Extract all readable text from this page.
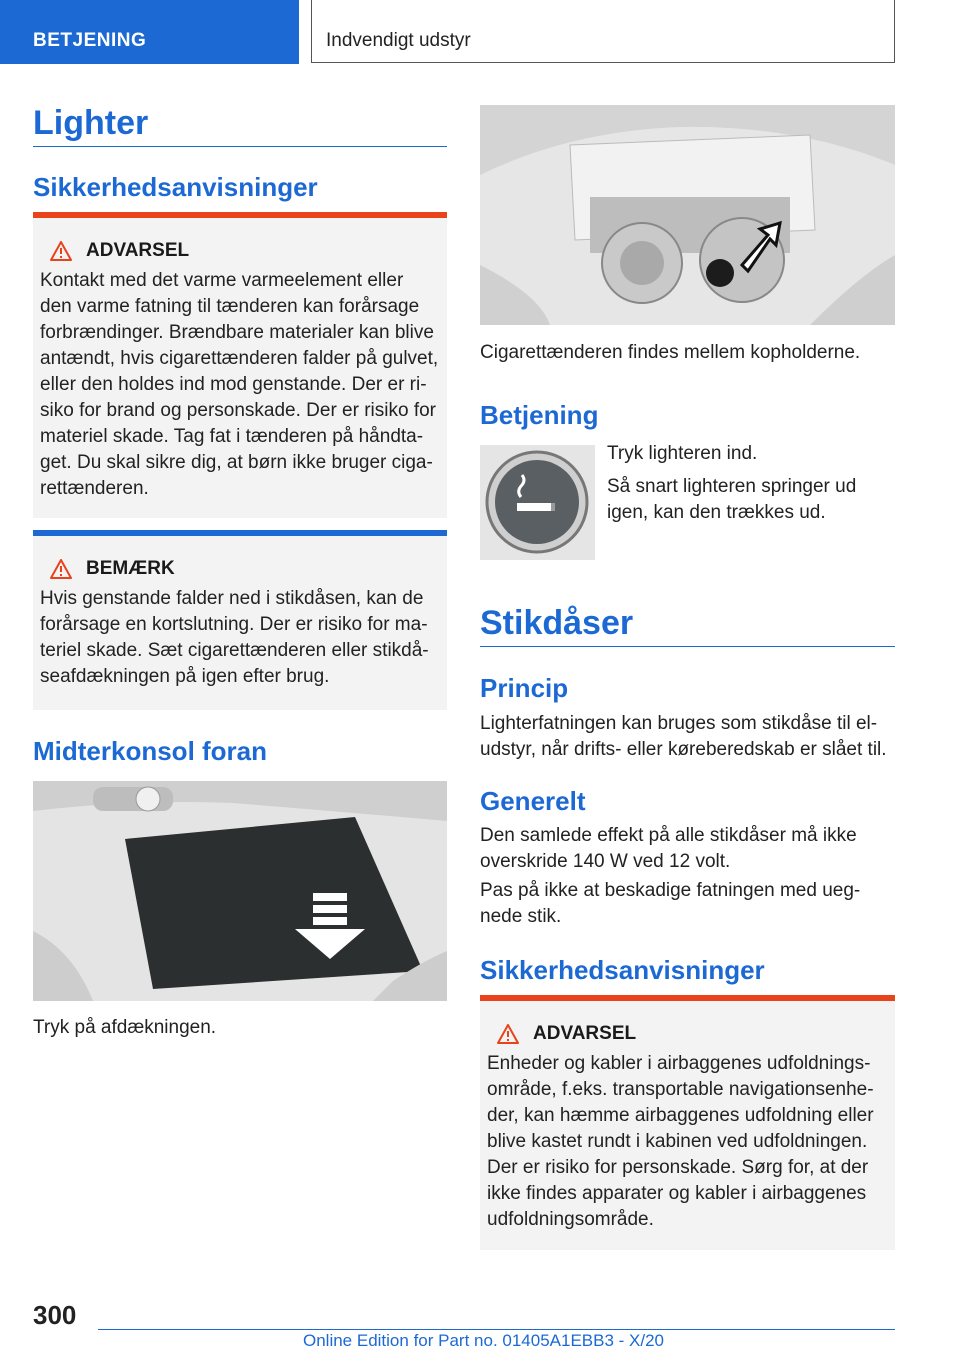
BETJENING	Indvendigt udstyr
Lighter
Sikkerhedsanvisninger
ADVARSEL

Kontakt med det varme varmeelement eller den varme fatning til tænderen kan forårsage forbrændinger. Brændbare materialer kan blive antændt, hvis cigarettænderen falder på gulvet, eller den holdes ind mod genstande. Der er ri-siko for brand og personskade. Der er risiko for materiel skade. Tag fat i tænderen på håndta-get. Du skal sikre dig, at børn ikke bruger ciga-rettænderen.

BEMÆRK

Hvis genstande falder ned i stikdåsen, kan de forårsage en kortslutning. Der er risiko for ma-teriel skade. Sæt cigarettænderen eller stikdå-seafdækningen på igen efter brug.

Midterkonsol foran

Tryk på afdækningen.

Cigarettænderen findes mellem kopholderne.

Betjening

Tryk lighteren ind.

Så snart lighteren springer ud igen, kan den trækkes ud.

Stikdåser
Princip

Lighterfatningen kan bruges som stikdåse til el-udstyr, når drifts- eller køreberedskab er slået til.

Generelt

Den samlede effekt på alle stikdåser må ikke overskride 140 W ved 12 volt.

Pas på ikke at beskadige fatningen med ueg-nede stik.

Sikkerhedsanvisninger
ADVARSEL

Enheder og kabler i airbaggenes udfoldnings-område, f.eks. transportable navigationsenhe-der, kan hæmme airbaggenes udfoldning eller blive kastet rundt i kabinen ved udfoldningen. Der er risiko for personskade. Sørg for, at der ikke findes apparater og kabler i airbaggenes udfoldningsområde.

300
Online Edition for Part no. 01405A1EBB3 - X/20
